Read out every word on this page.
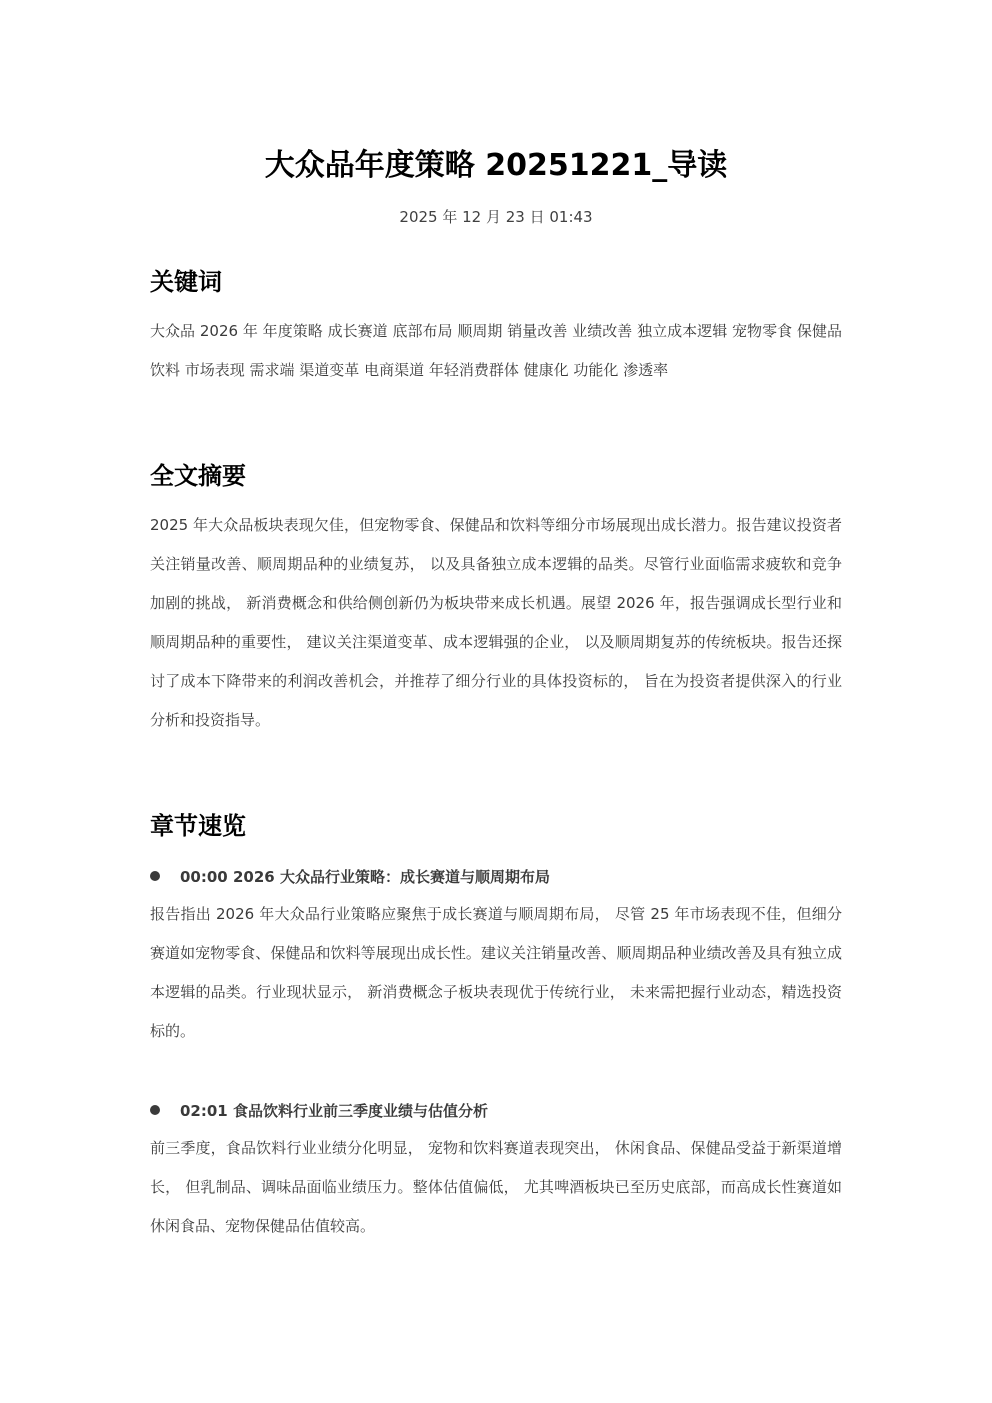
大众品年度策略 20251221_导读
2025 年 12 月 23 日 01:43
关键词
大众品 2026 年 年度策略 成长赛道 底部布局 顺周期 销量改善 业绩改善 独立成本逻辑 宠物零食 保健品 饮料 市场表现 需求端 渠道变革 电商渠道 年轻消费群体 健康化 功能化 渗透率
全文摘要
2025 年大众品板块表现欠佳，但宠物零食、保健品和饮料等细分市场展现出成长潜力。报告建议投资者关注销量改善、顺周期品种的业绩复苏， 以及具备独立成本逻辑的品类。尽管行业面临需求疲软和竞争加剧的挑战， 新消费概念和供给侧创新仍为板块带来成长机遇。展望 2026 年，报告强调成长型行业和顺周期品种的重要性， 建议关注渠道变革、成本逻辑强的企业， 以及顺周期复苏的传统板块。报告还探讨了成本下降带来的利润改善机会，并推荐了细分行业的具体投资标的， 旨在为投资者提供深入的行业分析和投资指导。
章节速览
00:00 2026 大众品行业策略：成长赛道与顺周期布局
报告指出 2026 年大众品行业策略应聚焦于成长赛道与顺周期布局， 尽管 25 年市场表现不佳，但细分赛道如宠物零食、保健品和饮料等展现出成长性。建议关注销量改善、顺周期品种业绩改善及具有独立成本逻辑的品类。行业现状显示， 新消费概念子板块表现优于传统行业， 未来需把握行业动态，精选投资标的。
02:01 食品饮料行业前三季度业绩与估值分析
前三季度，食品饮料行业业绩分化明显， 宠物和饮料赛道表现突出， 休闲食品、保健品受益于新渠道增长， 但乳制品、调味品面临业绩压力。整体估值偏低， 尤其啤酒板块已至历史底部，而高成长性赛道如休闲食品、宠物保健品估值较高。
